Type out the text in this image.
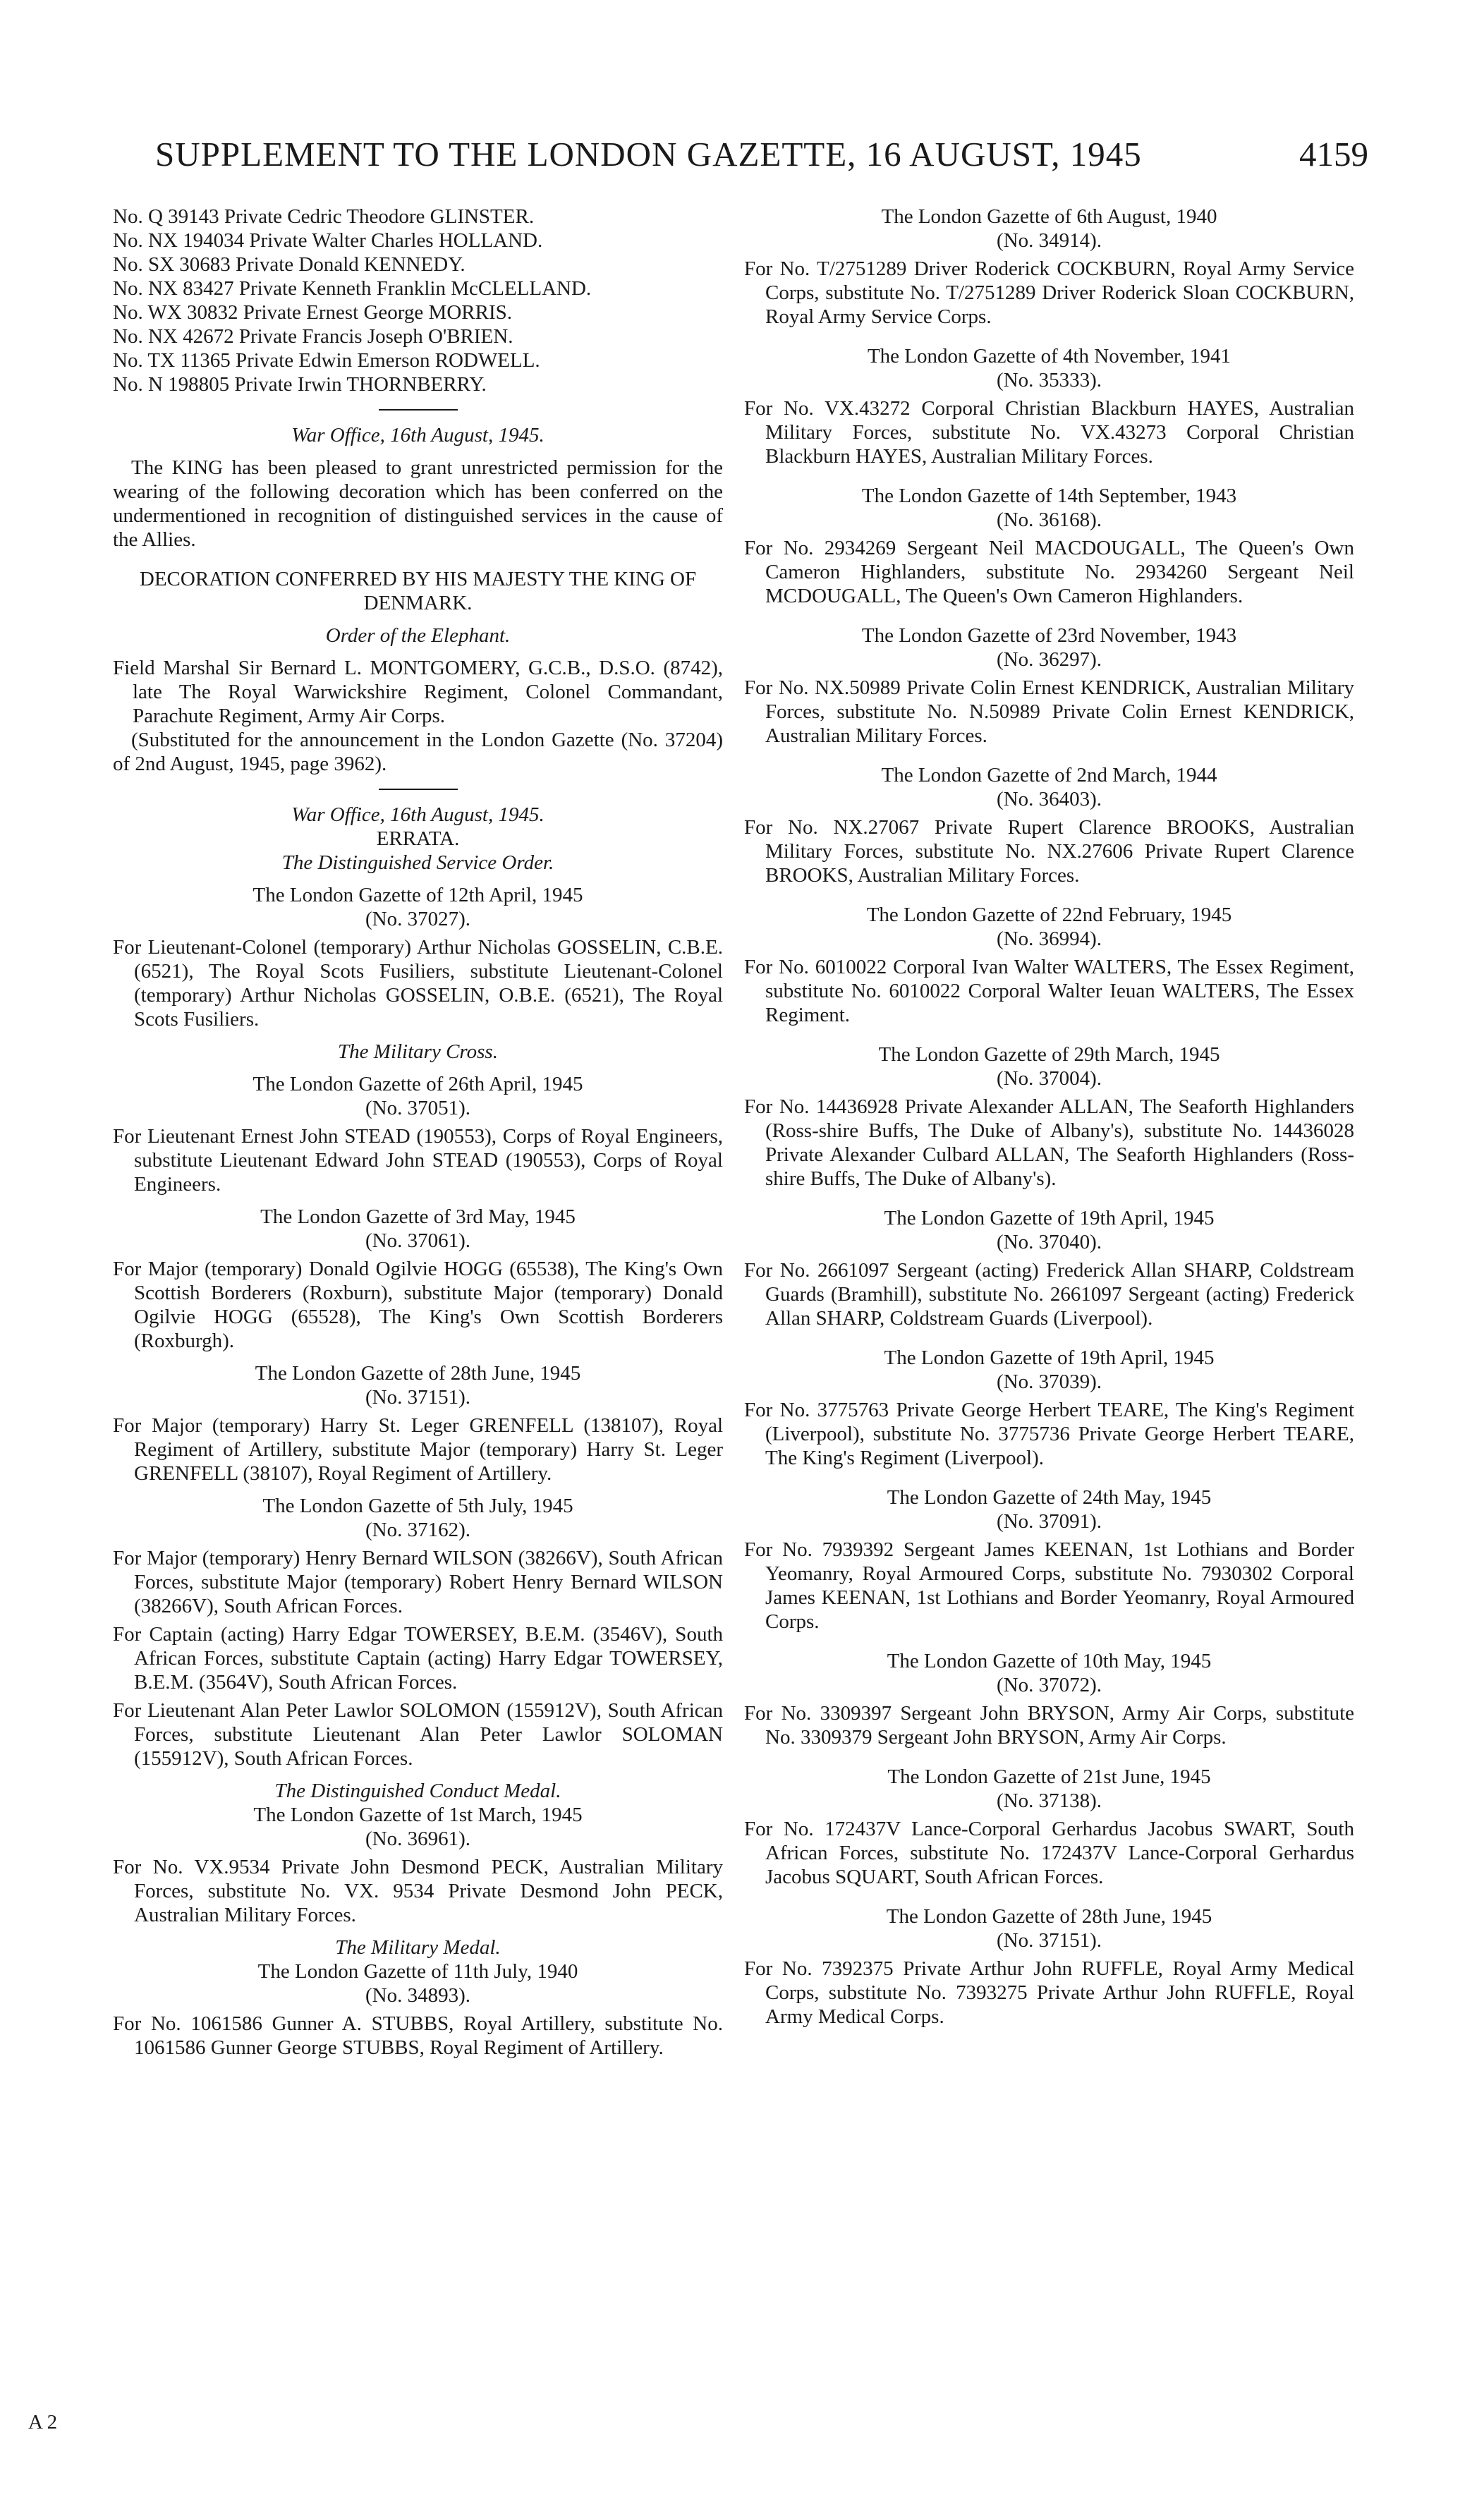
SUPPLEMENT TO THE LONDON GAZETTE, 16 AUGUST, 1945	4159

No. Q 39143 Private Cedric Theodore GLINSTER.

No. NX 194034 Private Walter Charles HOLLAND.

No. SX 30683 Private Donald KENNEDY.

No. NX 83427 Private Kenneth Franklin McCLELLAND.

No. WX 30832 Private Ernest George MORRIS.

No. NX 42672 Private Francis Joseph O'BRIEN.

No. TX 11365 Private Edwin Emerson RODWELL.

No. N 198805 Private Irwin THORNBERRY.

War Office, 16th August, 1945.

The KING has been pleased to grant unrestricted permission for the wearing of the following decoration which has been conferred on the undermentioned in recognition of distinguished services in the cause of the Allies.

DECORATION CONFERRED BY HIS MAJESTY THE KING OF DENMARK.

Order of the Elephant.

Field Marshal Sir Bernard L. MONTGOMERY, G.C.B., D.S.O. (8742), late The Royal Warwickshire Regiment, Colonel Commandant, Parachute Regiment, Army Air Corps.

(Substituted for the announcement in the London Gazette (No. 37204) of 2nd August, 1945, page 3962).

War Office, 16th August, 1945.

ERRATA.

The Distinguished Service Order.

The London Gazette of 12th April, 1945

(No. 37027).

For Lieutenant-Colonel (temporary) Arthur Nicholas GOSSELIN, C.B.E. (6521), The Royal Scots Fusiliers, substitute Lieutenant-Colonel (temporary) Arthur Nicholas GOSSELIN, O.B.E. (6521), The Royal Scots Fusiliers.

The Military Cross.

The London Gazette of 26th April, 1945

(No. 37051).

For Lieutenant Ernest John STEAD (190553), Corps of Royal Engineers, substitute Lieutenant Edward John STEAD (190553), Corps of Royal Engineers.

The London Gazette of 3rd May, 1945

(No. 37061).

For Major (temporary) Donald Ogilvie HOGG (65538), The King's Own Scottish Borderers (Roxburn), substitute Major (temporary) Donald Ogilvie HOGG (65528), The King's Own Scottish Borderers (Roxburgh).

The London Gazette of 28th June, 1945

(No. 37151).

For Major (temporary) Harry St. Leger GRENFELL (138107), Royal Regiment of Artillery, substitute Major (temporary) Harry St. Leger GRENFELL (38107), Royal Regiment of Artillery.

The London Gazette of 5th July, 1945

(No. 37162).

For Major (temporary) Henry Bernard WILSON (38266V), South African Forces, substitute Major (temporary) Robert Henry Bernard WILSON (38266V), South African Forces.

For Captain (acting) Harry Edgar TOWERSEY, B.E.M. (3546V), South African Forces, substitute Captain (acting) Harry Edgar TOWERSEY, B.E.M. (3564V), South African Forces.

For Lieutenant Alan Peter Lawlor SOLOMON (155912V), South African Forces, substitute Lieutenant Alan Peter Lawlor SOLOMAN (155912V), South African Forces.

The Distinguished Conduct Medal.

The London Gazette of 1st March, 1945

(No. 36961).

For No. VX.9534 Private John Desmond PECK, Australian Military Forces, substitute No. VX. 9534 Private Desmond John PECK, Australian Military Forces.

The Military Medal.

The London Gazette of 11th July, 1940

(No. 34893).

For No. 1061586 Gunner A. STUBBS, Royal Artillery, substitute No. 1061586 Gunner George STUBBS, Royal Regiment of Artillery.

The London Gazette of 6th August, 1940

(No. 34914).

For No. T/2751289 Driver Roderick COCKBURN, Royal Army Service Corps, substitute No. T/2751289 Driver Roderick Sloan COCKBURN, Royal Army Service Corps.

The London Gazette of 4th November, 1941

(No. 35333).

For No. VX.43272 Corporal Christian Blackburn HAYES, Australian Military Forces, substitute No. VX.43273 Corporal Christian Blackburn HAYES, Australian Military Forces.

The London Gazette of 14th September, 1943

(No. 36168).

For No. 2934269 Sergeant Neil MACDOUGALL, The Queen's Own Cameron Highlanders, substitute No. 2934260 Sergeant Neil MCDOUGALL, The Queen's Own Cameron Highlanders.

The London Gazette of 23rd November, 1943

(No. 36297).

For No. NX.50989 Private Colin Ernest KENDRICK, Australian Military Forces, substitute No. N.50989 Private Colin Ernest KENDRICK, Australian Military Forces.

The London Gazette of 2nd March, 1944

(No. 36403).

For No. NX.27067 Private Rupert Clarence BROOKS, Australian Military Forces, substitute No. NX.27606 Private Rupert Clarence BROOKS, Australian Military Forces.

The London Gazette of 22nd February, 1945

(No. 36994).

For No. 6010022 Corporal Ivan Walter WALTERS, The Essex Regiment, substitute No. 6010022 Corporal Walter Ieuan WALTERS, The Essex Regiment.

The London Gazette of 29th March, 1945

(No. 37004).

For No. 14436928 Private Alexander ALLAN, The Seaforth Highlanders (Ross-shire Buffs, The Duke of Albany's), substitute No. 14436028 Private Alexander Culbard ALLAN, The Seaforth Highlanders (Ross-shire Buffs, The Duke of Albany's).

The London Gazette of 19th April, 1945

(No. 37040).

For No. 2661097 Sergeant (acting) Frederick Allan SHARP, Coldstream Guards (Bramhill), substitute No. 2661097 Sergeant (acting) Frederick Allan SHARP, Coldstream Guards (Liverpool).

The London Gazette of 19th April, 1945

(No. 37039).

For No. 3775763 Private George Herbert TEARE, The King's Regiment (Liverpool), substitute No. 3775736 Private George Herbert TEARE, The King's Regiment (Liverpool).

The London Gazette of 24th May, 1945

(No. 37091).

For No. 7939392 Sergeant James KEENAN, 1st Lothians and Border Yeomanry, Royal Armoured Corps, substitute No. 7930302 Corporal James KEENAN, 1st Lothians and Border Yeomanry, Royal Armoured Corps.

The London Gazette of 10th May, 1945

(No. 37072).

For No. 3309397 Sergeant John BRYSON, Army Air Corps, substitute No. 3309379 Sergeant John BRYSON, Army Air Corps.

The London Gazette of 21st June, 1945

(No. 37138).

For No. 172437V Lance-Corporal Gerhardus Jacobus SWART, South African Forces, substitute No. 172437V Lance-Corporal Gerhardus Jacobus SQUART, South African Forces.

The London Gazette of 28th June, 1945

(No. 37151).

For No. 7392375 Private Arthur John RUFFLE, Royal Army Medical Corps, substitute No. 7393275 Private Arthur John RUFFLE, Royal Army Medical Corps.

A 2
